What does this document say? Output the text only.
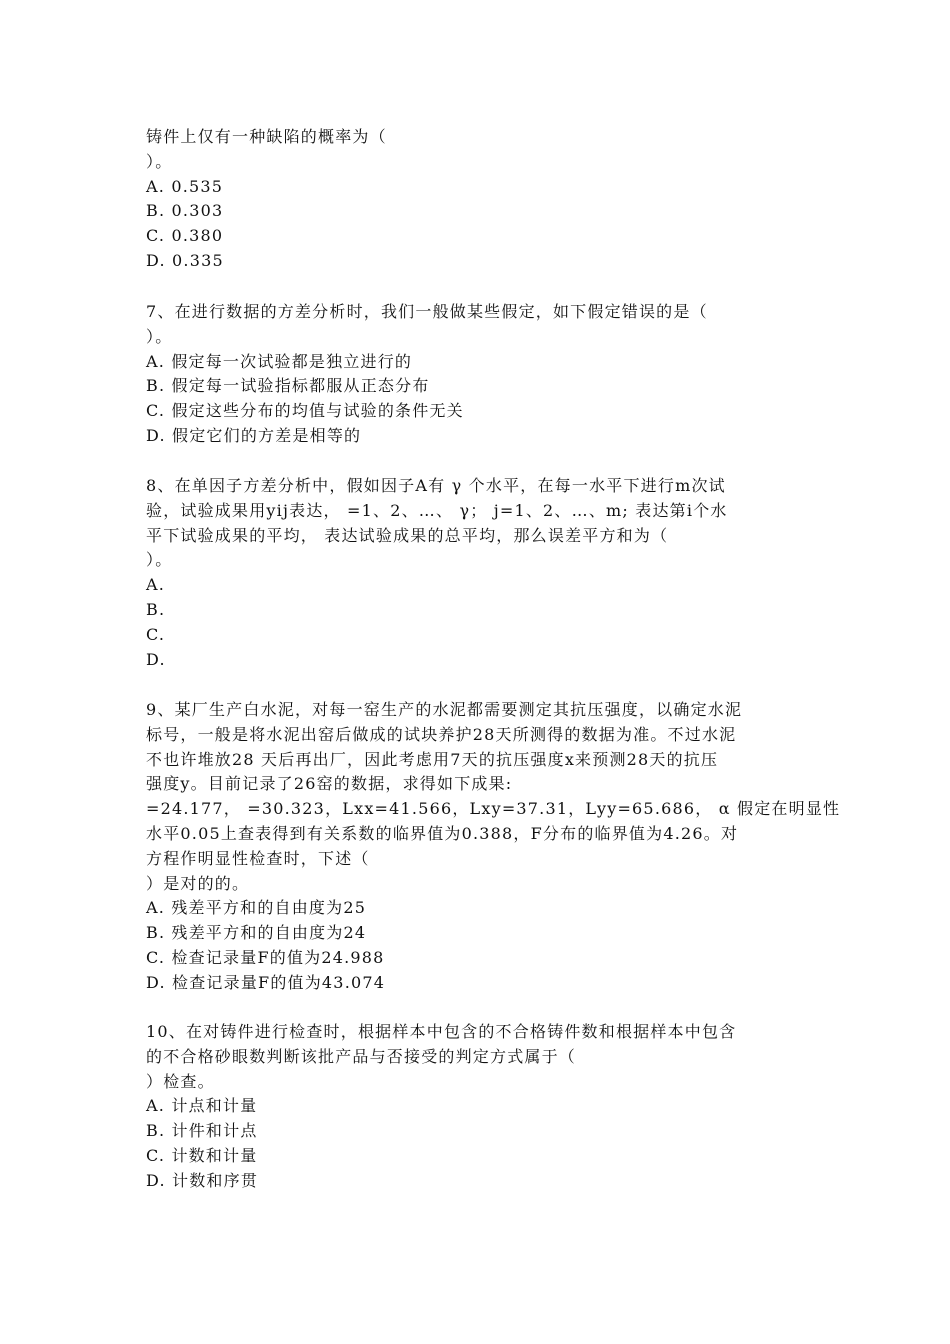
铸件上仅有一种缺陷的概率为（
）。
A. 0.535
B. 0.303
C. 0.380
D. 0.335
7、在进行数据的方差分析时，我们一般做某些假定，如下假定错误的是（
）。
A. 假定每一次试验都是独立进行的
B. 假定每一试验指标都服从正态分布
C. 假定这些分布的均值与试验的条件无关
D. 假定它们的方差是相等的
8、在单因子方差分析中，假如因子A有 γ 个水平，在每一水平下进行m次试
验，试验成果用yij表达， =1、2、…、 γ； j=1、2、…、m; 表达第i个水
平下试验成果的平均， 表达试验成果的总平均，那么误差平方和为（
）。
A.
B.
C.
D.
9、某厂生产白水泥，对每一窑生产的水泥都需要测定其抗压强度，以确定水泥
标号，一般是将水泥出窑后做成的试块养护28天所测得的数据为准。不过水泥
不也许堆放28 天后再出厂，因此考虑用7天的抗压强度x来预测28天的抗压
强度y。目前记录了26窑的数据，求得如下成果:
=24.177， =30.323，Lxx=41.566，Lxy=37.31，Lyy=65.686， α 假定在明显性
水平0.05上查表得到有关系数的临界值为0.388，F分布的临界值为4.26。对
方程作明显性检查时，下述（
）是对的的。
A. 残差平方和的自由度为25
B. 残差平方和的自由度为24
C. 检查记录量F的值为24.988
D. 检查记录量F的值为43.074
10、在对铸件进行检查时，根据样本中包含的不合格铸件数和根据样本中包含
的不合格砂眼数判断该批产品与否接受的判定方式属于（
）检查。
A. 计点和计量
B. 计件和计点
C. 计数和计量
D. 计数和序贯
